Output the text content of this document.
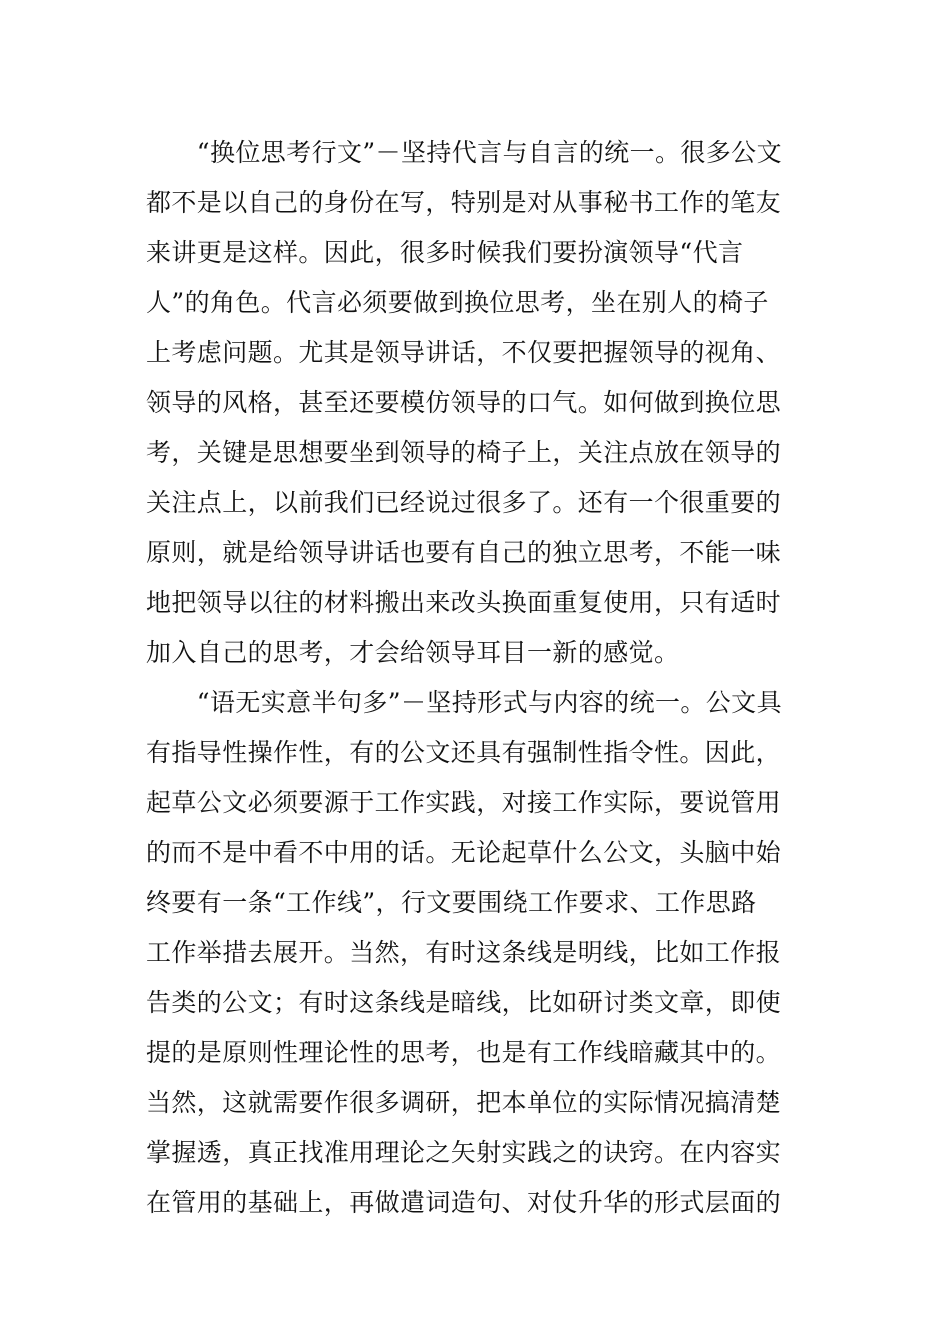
　　“换位思考行文”－坚持代言与自言的统一。很多公文
都不是以自己的身份在写，特别是对从事秘书工作的笔友
来讲更是这样。因此，很多时候我们要扮演领导“代言
人”的角色。代言必须要做到换位思考，坐在别人的椅子
上考虑问题。尤其是领导讲话，不仅要把握领导的视角、
领导的风格，甚至还要模仿领导的口气。如何做到换位思
考，关键是思想要坐到领导的椅子上，关注点放在领导的
关注点上，以前我们已经说过很多了。还有一个很重要的
原则，就是给领导讲话也要有自己的独立思考，不能一味
地把领导以往的材料搬出来改头换面重复使用，只有适时
加入自己的思考，才会给领导耳目一新的感觉。
　　“语无实意半句多”－坚持形式与内容的统一。公文具
有指导性操作性，有的公文还具有强制性指令性。因此，
起草公文必须要源于工作实践，对接工作实际，要说管用
的而不是中看不中用的话。无论起草什么公文，头脑中始
终要有一条“工作线”，行文要围绕工作要求、工作思路
工作举措去展开。当然，有时这条线是明线，比如工作报
告类的公文；有时这条线是暗线，比如研讨类文章，即使
提的是原则性理论性的思考，也是有工作线暗藏其中的。
当然，这就需要作很多调研，把本单位的实际情况搞清楚
掌握透，真正找准用理论之矢射实践之的诀窍。在内容实
在管用的基础上，再做遣词造句、对仗升华的形式层面的
